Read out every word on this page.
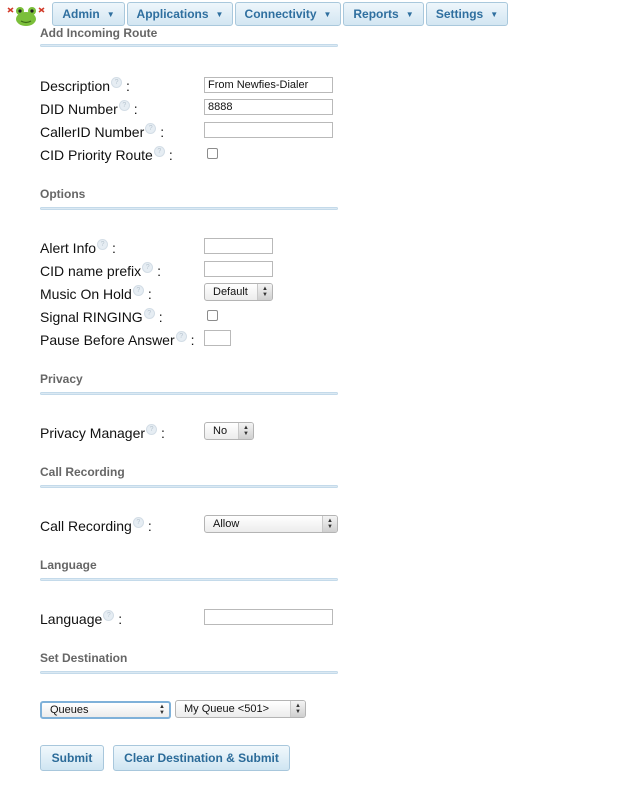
Admin ▼ Applications ▼ Connectivity ▼ Reports ▼ Settings ▼
Add Incoming Route
Description ? :
From Newfies-Dialer
DID Number ? :
8888
CallerID Number ? :
CID Priority Route ? :
Options
Alert Info ? :
CID name prefix ? :
Music On Hold ? :	Default ▲
▼
Signal RINGING ? :
Pause Before Answer ? :
Privacy
Privacy Manager ? :	No	▲
▼
Call Recording
Call Recording ? :	Allow	▲
▼
Language
Language ? :
Set Destination
Queues	▲
▼ My Queue <501>	▲
▼
Submit	Clear Destination & Submit
